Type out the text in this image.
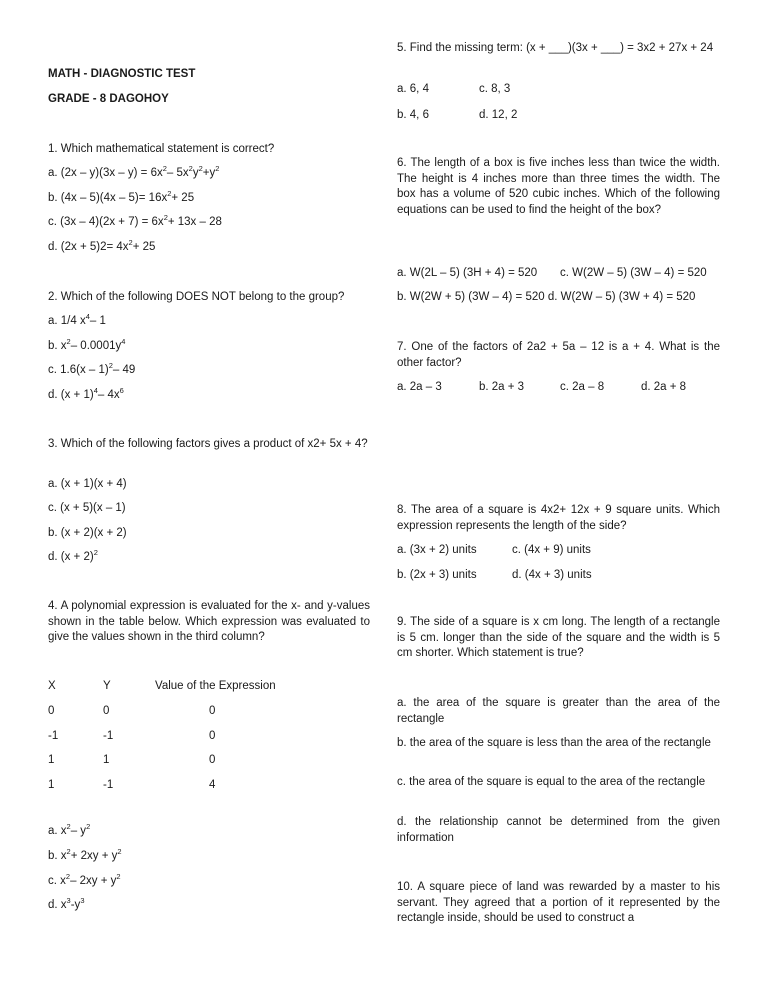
MATH - DIAGNOSTIC TEST
GRADE - 8 DAGOHOY
1. Which mathematical statement is correct?
a. $(2x - y)(3x - y) = 6x^2-$ $5x^2y^2+y^2$
b. $(4x - 5)(4x - 5)= 16x^2+ 25$
c. $(3x - 4)(2x + 7) = 6x^2+ 13x - 28$
d. $(2x + 5)2= 4x^2+ 25$
2. Which of the following DOES NOT belong to the group?
a. 1/4 $x^4-$ 1
b. $x^2-$ $0.0001y^4$
c. 1.6(x – 1)$^2$– 49
d. $(x + 1)^4-$ $4x^6$
3. Which of the following factors gives a product of x2+ 5x + 4?
a. (x + 1)(x + 4)
c. (x + 5)(x – 1)
b. (x + 2)(x + 2)
d. $(x + 2)^2$
4. A polynomial expression is evaluated for the x- and y-values shown in the table below. Which expression was evaluated to give the values shown in the third column?
X	Y	Value of the Expression
0	0	0
-1	-1	0
1	1	0
1	-1	4
a. $x^2-$ $y^2$
b. $x^2+ 2xy + y^2$
c. $x^2-$ $2xy + y^2$
d. $x^3-y^3$
5. Find the missing term: (x + ___)(3x + ___) = 3x2 + 27x + 24
a. 6, 4	c. 8, 3
b. 4, 6	d. 12, 2
6. The length of a box is five inches less than twice the width. The height is 4 inches more than three times the width. The box has a volume of 520 cubic inches. Which of the following equations can be used to find the height of the box?
a. W(2L – 5) (3H + 4) = 520 c. W(2W – 5) (3W – 4) = 520
b. W(2W + 5) (3W – 4) = 520 d. W(2W – 5) (3W + 4) = 520
7. One of the factors of 2a2 + 5a – 12 is a + 4. What is the other factor?
a. 2a – 3	b. 2a + 3	c. 2a – 8	d. 2a + 8
8. The area of a square is 4x2+ 12x + 9 square units. Which expression represents the length of the side?
a. (3x + 2) units	c. (4x + 9) units
b. (2x + 3) units	d. (4x + 3) units
9. The side of a square is x cm long. The length of a rectangle is 5 cm. longer than the side of the square and the width is 5 cm shorter. Which statement is true?
a. the area of the square is greater than the area of the rectangle
b. the area of the square is less than the area of the rectangle
c. the area of the square is equal to the area of the rectangle
d. the relationship cannot be determined from the given information
10. A square piece of land was rewarded by a master to his servant. They agreed that a portion of it represented by the rectangle inside, should be used to construct a
